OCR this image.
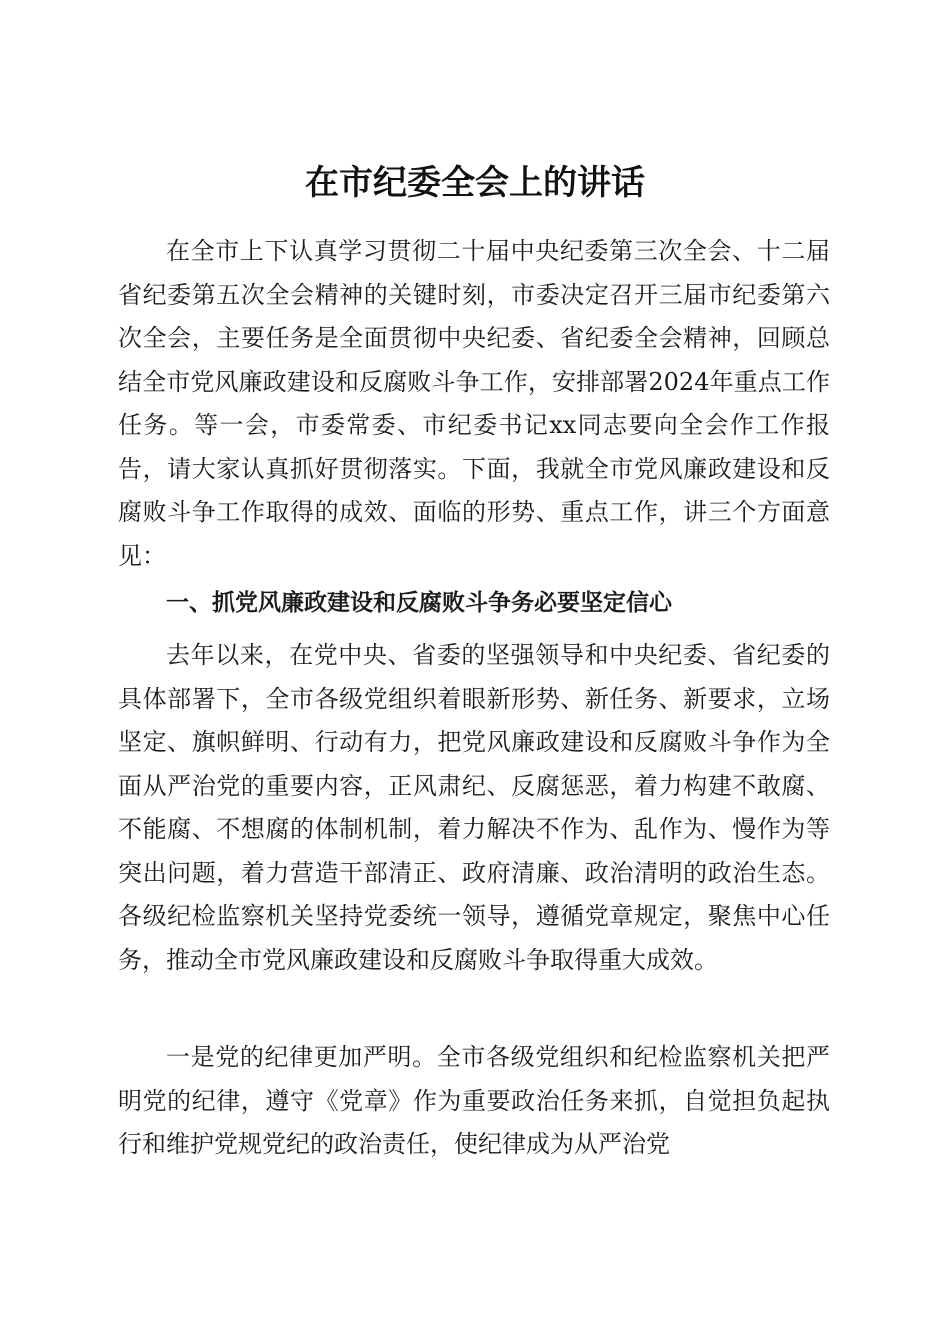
在市纪委全会上的讲话

在全市上下认真学习贯彻二十届中央纪委第三次全会、十二届省纪委第五次全会精神的关键时刻，市委决定召开三届市纪委第六次全会，主要任务是全面贯彻中央纪委、省纪委全会精神，回顾总结全市党风廉政建设和反腐败斗争工作，安排部署2024年重点工作任务。等一会，市委常委、市纪委书记xx同志要向全会作工作报告，请大家认真抓好贯彻落实。下面，我就全市党风廉政建设和反腐败斗争工作取得的成效、面临的形势、重点工作，讲三个方面意见：

一、抓党风廉政建设和反腐败斗争务必要坚定信心

去年以来，在党中央、省委的坚强领导和中央纪委、省纪委的具体部署下，全市各级党组织着眼新形势、新任务、新要求，立场坚定、旗帜鲜明、行动有力，把党风廉政建设和反腐败斗争作为全面从严治党的重要内容，正风肃纪、反腐惩恶，着力构建不敢腐、不能腐、不想腐的体制机制，着力解决不作为、乱作为、慢作为等突出问题，着力营造干部清正、政府清廉、政治清明的政治生态。各级纪检监察机关坚持党委统一领导，遵循党章规定，聚焦中心任务，推动全市党风廉政建设和反腐败斗争取得重大成效。

一是党的纪律更加严明。全市各级党组织和纪检监察机关把严明党的纪律，遵守《党章》作为重要政治任务来抓，自觉担负起执行和维护党规党纪的政治责任，使纪律成为从严治党
